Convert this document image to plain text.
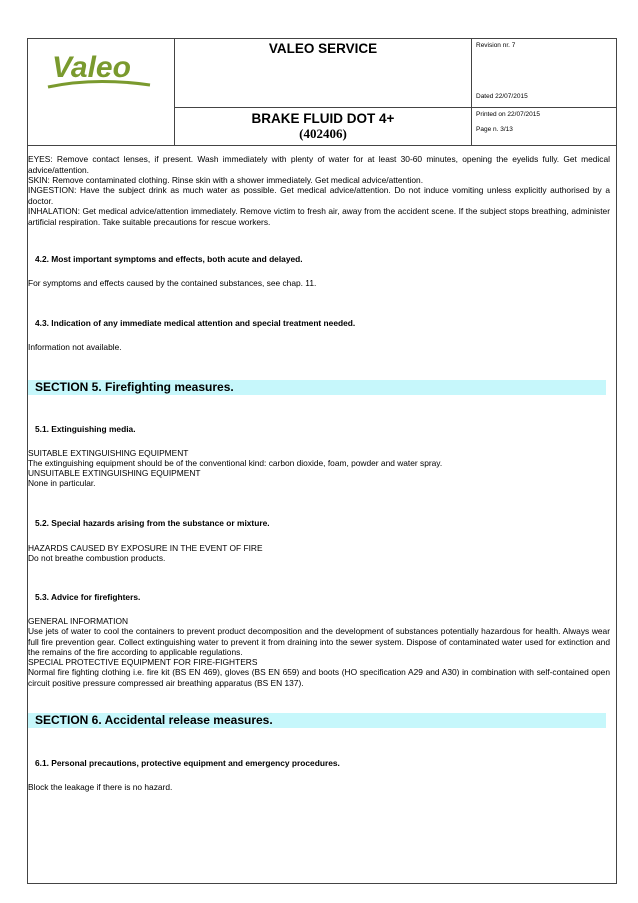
Valeo
VALEO SERVICE
BRAKE FLUID DOT 4+
(402406)
Revision nr. 7
Dated 22/07/2015
Printed on 22/07/2015
Page n. 3/13
EYES: Remove contact lenses, if present. Wash immediately with plenty of water for at least 30-60 minutes, opening the eyelids fully. Get medical advice/attention.
SKIN: Remove contaminated clothing. Rinse skin with a shower immediately. Get medical advice/attention.
INGESTION: Have the subject drink as much water as possible. Get medical advice/attention. Do not induce vomiting unless explicitly authorised by a doctor.
INHALATION: Get medical advice/attention immediately. Remove victim to fresh air, away from the accident scene. If the subject stops breathing, administer artificial respiration. Take suitable precautions for rescue workers.
4.2. Most important symptoms and effects, both acute and delayed.
For symptoms and effects caused by the contained substances, see chap. 11.
4.3. Indication of any immediate medical attention and special treatment needed.
Information not available.
SECTION 5. Firefighting measures.
5.1. Extinguishing media.
SUITABLE EXTINGUISHING EQUIPMENT
The extinguishing equipment should be of the conventional kind: carbon dioxide, foam, powder and water spray.
UNSUITABLE EXTINGUISHING EQUIPMENT
None in particular.
5.2. Special hazards arising from the substance or mixture.
HAZARDS CAUSED BY EXPOSURE IN THE EVENT OF FIRE
Do not breathe combustion products.
5.3. Advice for firefighters.
GENERAL INFORMATION
Use jets of water to cool the containers to prevent product decomposition and the development of substances potentially hazardous for health. Always wear full fire prevention gear. Collect extinguishing water to prevent it from draining into the sewer system. Dispose of contaminated water used for extinction and the remains of the fire according to applicable regulations.
SPECIAL PROTECTIVE EQUIPMENT FOR FIRE-FIGHTERS
Normal fire fighting clothing i.e. fire kit (BS EN 469), gloves (BS EN 659) and boots (HO specification A29 and A30) in combination with self-contained open circuit positive pressure compressed air breathing apparatus (BS EN 137).
SECTION 6. Accidental release measures.
6.1. Personal precautions, protective equipment and emergency procedures.
Block the leakage if there is no hazard.
